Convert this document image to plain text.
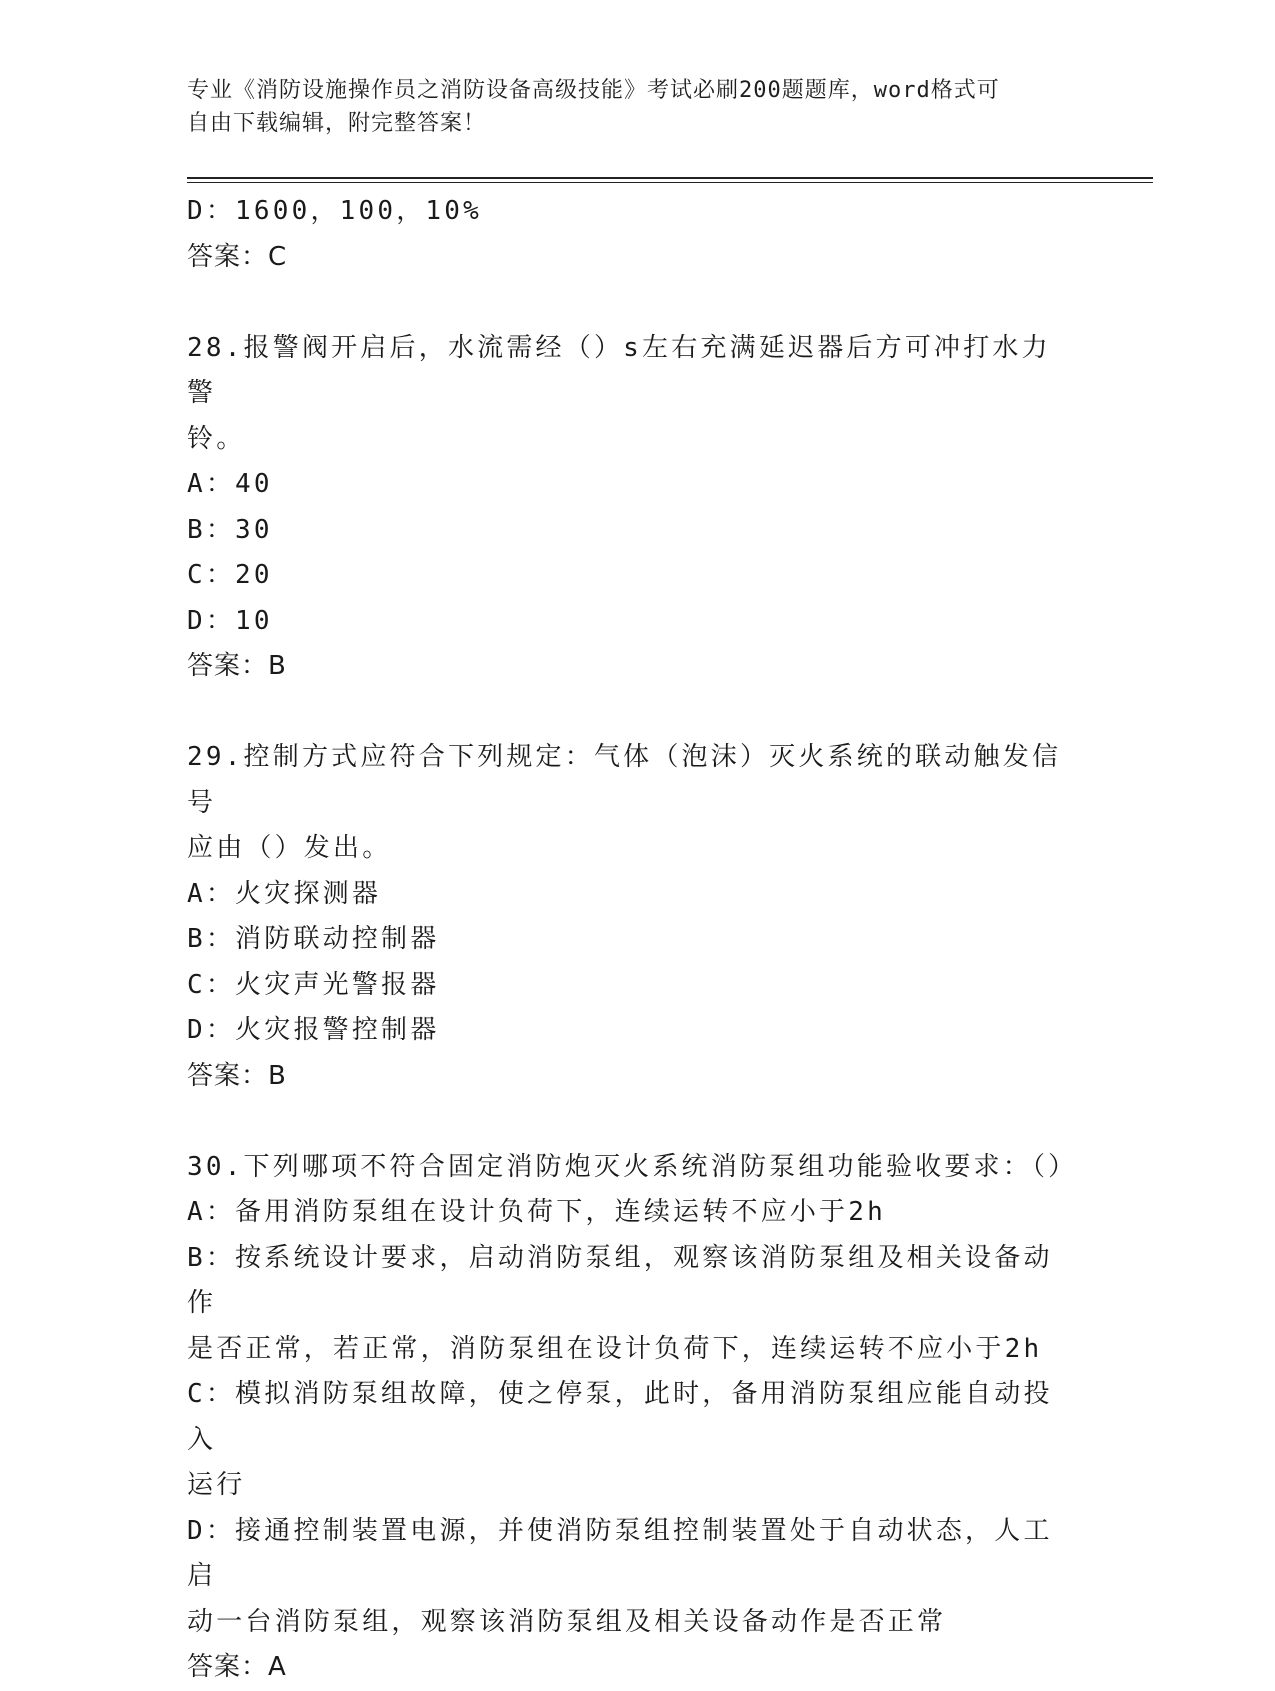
专业《消防设施操作员之消防设备高级技能》考试必刷200题题库，word格式可
自由下载编辑，附完整答案！
D：1600，100，10%
答案：C
28.报警阀开启后，水流需经（）s左右充满延迟器后方可冲打水力警
铃。
A：40
B：30
C：20
D：10
答案：B
29.控制方式应符合下列规定：气体（泡沫）灭火系统的联动触发信号
应由（）发出。
A：火灾探测器
B：消防联动控制器
C：火灾声光警报器
D：火灾报警控制器
答案：B
30.下列哪项不符合固定消防炮灭火系统消防泵组功能验收要求：（）
A：备用消防泵组在设计负荷下，连续运转不应小于2h
B：按系统设计要求，启动消防泵组，观察该消防泵组及相关设备动作
是否正常，若正常，消防泵组在设计负荷下，连续运转不应小于2h
C：模拟消防泵组故障，使之停泵，此时，备用消防泵组应能自动投入
运行
D：接通控制装置电源，并使消防泵组控制装置处于自动状态，人工启
动一台消防泵组，观察该消防泵组及相关设备动作是否正常
答案：A
